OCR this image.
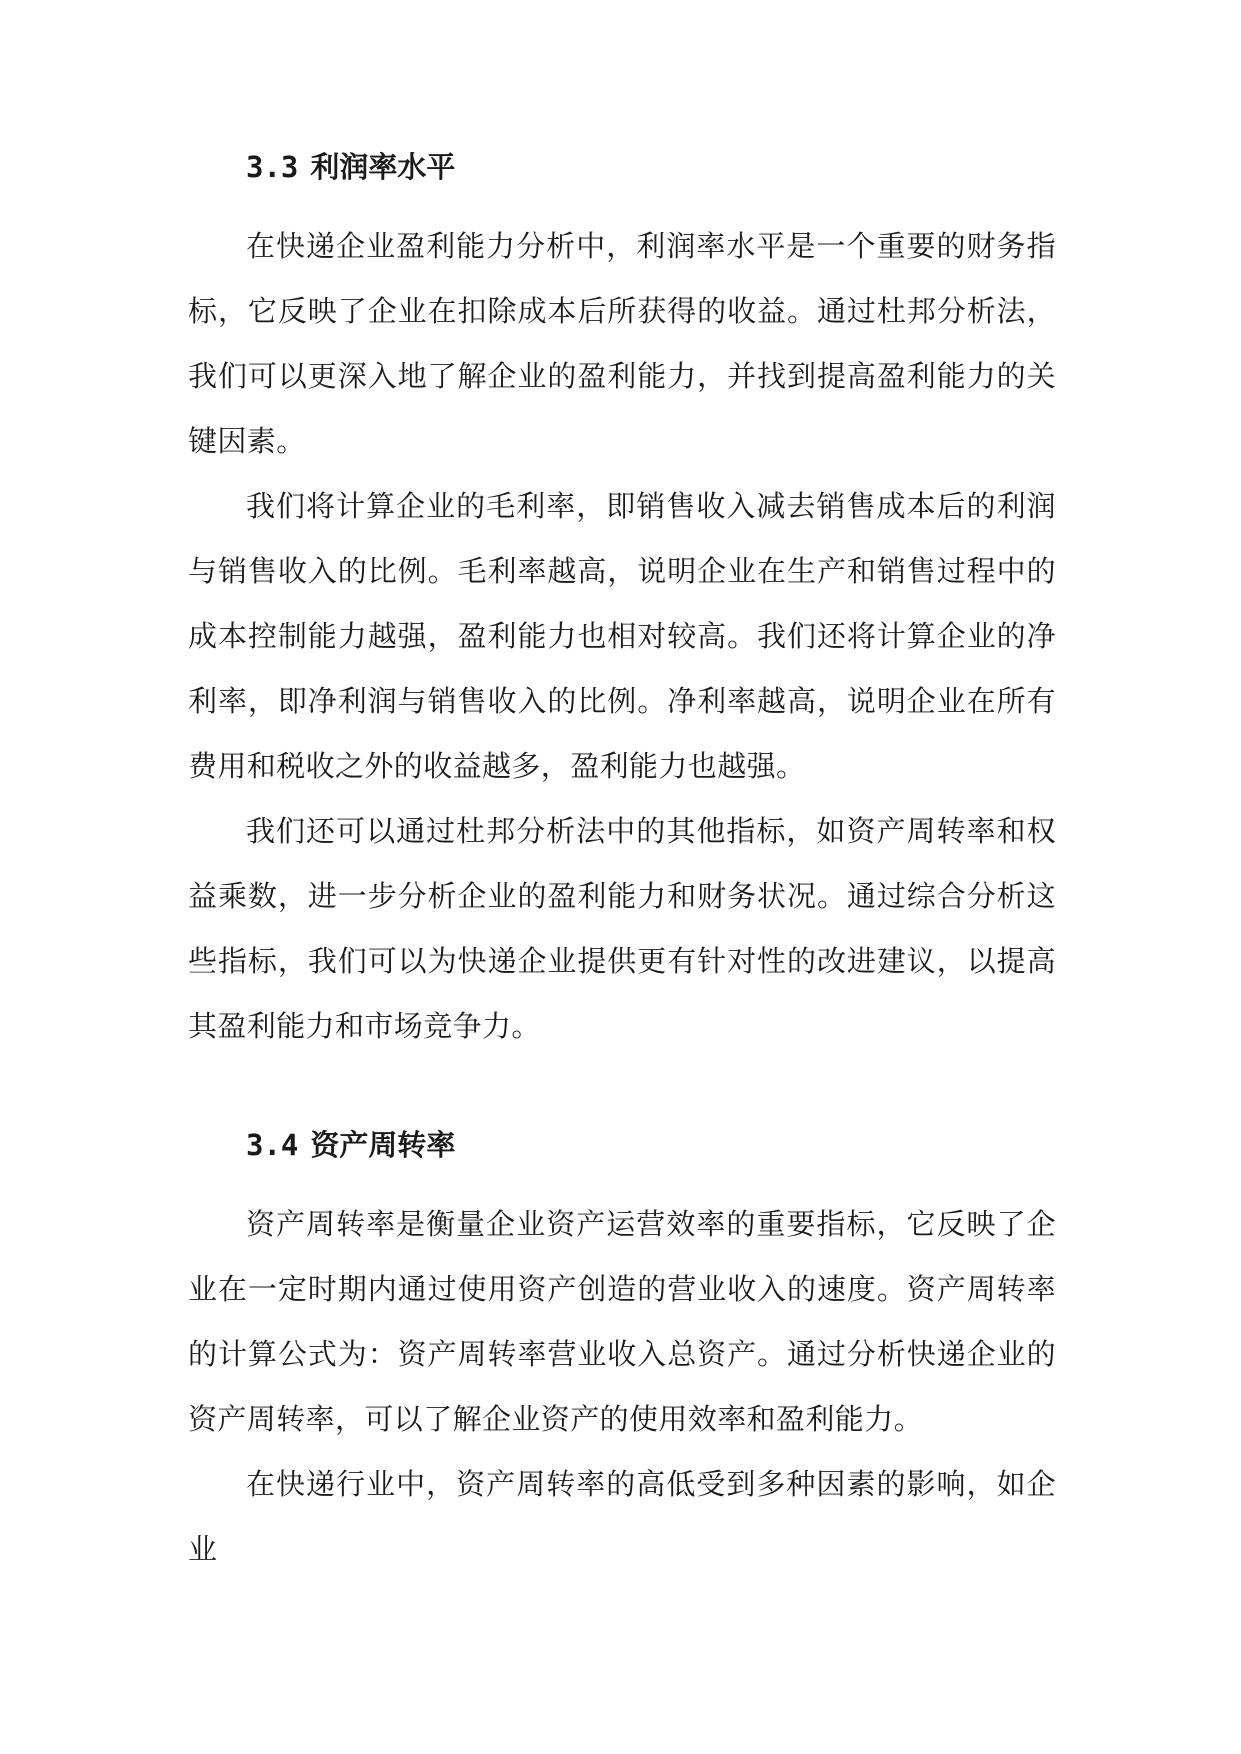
3.3 利润率水平

在快递企业盈利能力分析中，利润率水平是一个重要的财务指标，它反映了企业在扣除成本后所获得的收益。通过杜邦分析法，我们可以更深入地了解企业的盈利能力，并找到提高盈利能力的关键因素。

我们将计算企业的毛利率，即销售收入减去销售成本后的利润与销售收入的比例。毛利率越高，说明企业在生产和销售过程中的成本控制能力越强，盈利能力也相对较高。我们还将计算企业的净利率，即净利润与销售收入的比例。净利率越高，说明企业在所有费用和税收之外的收益越多，盈利能力也越强。

我们还可以通过杜邦分析法中的其他指标，如资产周转率和权益乘数，进一步分析企业的盈利能力和财务状况。通过综合分析这些指标，我们可以为快递企业提供更有针对性的改进建议，以提高其盈利能力和市场竞争力。

3.4 资产周转率

资产周转率是衡量企业资产运营效率的重要指标，它反映了企业在一定时期内通过使用资产创造的营业收入的速度。资产周转率的计算公式为：资产周转率营业收入总资产。通过分析快递企业的资产周转率，可以了解企业资产的使用效率和盈利能力。

在快递行业中，资产周转率的高低受到多种因素的影响，如企业
